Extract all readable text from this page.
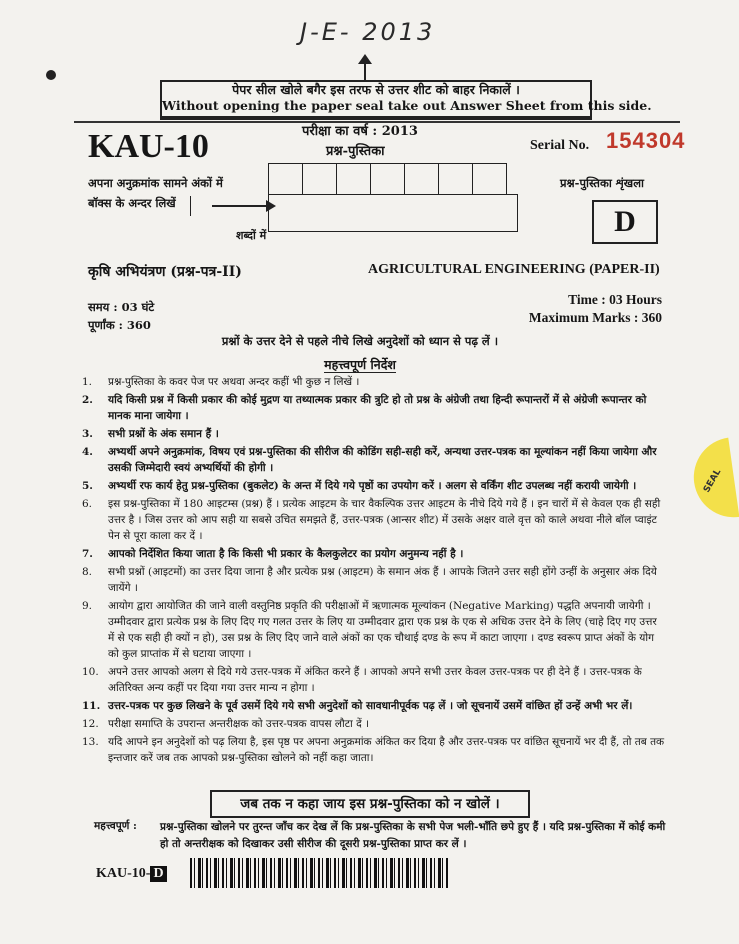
J-E- 2013
पेपर सील खोले बगैर इस तरफ से उत्तर शीट को बाहर निकालें ।
Without opening the paper seal take out Answer Sheet from this side.
KAU-10	परीक्षा का वर्ष : 2013
प्रश्न-पुस्तिका	Serial No. 154304
अपना अनुक्रमांक सामने अंकों में
बॉक्स के अन्दर लिखें
शब्दों में
प्रश्न-पुस्तिका शृंखला
D
कृषि अभियंत्रण (प्रश्न-पत्र-II)	AGRICULTURAL ENGINEERING (PAPER-II)
समय : 03 घंटे
पूर्णांक : 360
Time : 03 Hours
Maximum Marks : 360
प्रश्नों के उत्तर देने से पहले नीचे लिखे अनुदेशों को ध्यान से पढ़ लें ।
महत्त्वपूर्ण निर्देश
1. प्रश्न-पुस्तिका के कवर पेज पर अथवा अन्दर कहीं भी कुछ न लिखें ।
2. यदि किसी प्रश्न में किसी प्रकार की कोई मुद्रण या तथ्यात्मक प्रकार की त्रुटि हो तो प्रश्न के अंग्रेजी तथा हिन्दी रूपान्तरों में से अंग्रेजी रूपान्तर को मानक माना जायेगा ।
3. सभी प्रश्नों के अंक समान हैं ।
4. अभ्यर्थी अपने अनुक्रमांक, विषय एवं प्रश्न-पुस्तिका की सीरीज की कोडिंग सही-सही करें, अन्यथा उत्तर-पत्रक का मूल्यांकन नहीं किया जायेगा और उसकी जिम्मेदारी स्वयं अभ्यर्थियों की होगी ।
5. अभ्यर्थी रफ कार्य हेतु प्रश्न-पुस्तिका (बुकलेट) के अन्त में दिये गये पृष्ठों का उपयोग करें । अलग से वर्किंग शीट उपलब्ध नहीं करायी जायेगी ।
6. इस प्रश्न-पुस्तिका में 180 आइटम्स (प्रश्न) हैं । प्रत्येक आइटम के चार वैकल्पिक उत्तर आइटम के नीचे दिये गये हैं । इन चारों में से केवल एक ही सही उत्तर है । जिस उत्तर को आप सही या सबसे उचित समझते हैं, उत्तर-पत्रक (आन्सर शीट) में उसके अक्षर वाले वृत्त को काले अथवा नीले बॉल प्वाइंट पेन से पूरा काला कर दें ।
7. आपको निर्देशित किया जाता है कि किसी भी प्रकार के कैलकुलेटर का प्रयोग अनुमन्य नहीं है ।
8. सभी प्रश्नों (आइटमों) का उत्तर दिया जाना है और प्रत्येक प्रश्न (आइटम) के समान अंक हैं । आपके जितने उत्तर सही होंगे उन्हीं के अनुसार अंक दिये जायेंगे ।
9. आयोग द्वारा आयोजित की जाने वाली वस्तुनिष्ठ प्रकृति की परीक्षाओं में ऋणात्मक मूल्यांकन (Negative Marking) पद्धति अपनायी जायेगी । उम्मीदवार द्वारा प्रत्येक प्रश्न के लिए दिए गए गलत उत्तर के लिए या उम्मीदवार द्वारा एक प्रश्न के एक से अधिक उत्तर देने के लिए (चाहे दिए गए उत्तर में से एक सही ही क्यों न हो), उस प्रश्न के लिए दिए जाने वाले अंकों का एक चौथाई दण्ड के रूप में काटा जाएगा । दण्ड स्वरूप प्राप्त अंकों के योग को कुल प्राप्तांक में से घटाया जाएगा ।
10. अपने उत्तर आपको अलग से दिये गये उत्तर-पत्रक में अंकित करने हैं । आपको अपने सभी उत्तर केवल उत्तर-पत्रक पर ही देने हैं । उत्तर-पत्रक के अतिरिक्त अन्य कहीं पर दिया गया उत्तर मान्य न होगा ।
11. उत्तर-पत्रक पर कुछ लिखने के पूर्व उसमें दिये गये सभी अनुदेशों को सावधानीपूर्वक पढ़ लें । जो सूचनायें उसमें वांछित हों उन्हें अभी भर लें।
12. परीक्षा समाप्ति के उपरान्त अन्तरीक्षक को उत्तर-पत्रक वापस लौटा दें ।
13. यदि आपने इन अनुदेशों को पढ़ लिया है, इस पृष्ठ पर अपना अनुक्रमांक अंकित कर दिया है और उत्तर-पत्रक पर वांछित सूचनायें भर दी हैं, तो तब तक इन्तजार करें जब तक आपको प्रश्न-पुस्तिका खोलने को नहीं कहा जाता।
जब तक न कहा जाय इस प्रश्न-पुस्तिका को न खोलें ।
महत्त्वपूर्ण : प्रश्न-पुस्तिका खोलने पर तुरन्त जाँच कर देख लें कि प्रश्न-पुस्तिका के सभी पेज भली-भाँति छपे हुए हैं । यदि प्रश्न-पुस्तिका में कोई कमी हो तो अन्तरीक्षक को दिखाकर उसी सीरीज की दूसरी प्रश्न-पुस्तिका प्राप्त कर लें ।
KAU-10- D
SEAL
